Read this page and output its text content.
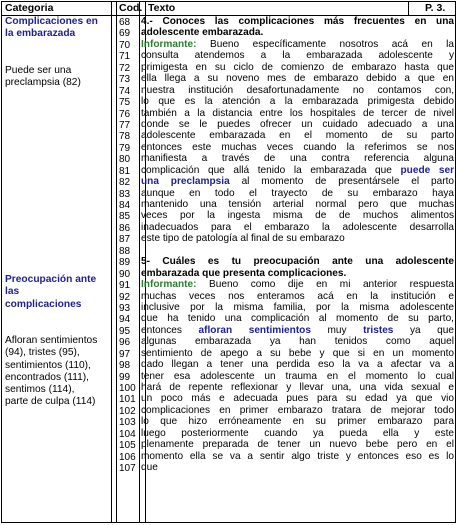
Categoria	Cod. Texto	P. 3.
Complicaciones en
la embarazada
Puede ser una
preclampsia (82)
Preocupación ante
las
complicaciones
Afloran sentimientos
(94), tristes (95),
sentimientos (110),
encontrados (111),
sentimos (114),
parte de culpa (114)
68
69
70
71
72
73
74
75
76
77
78
79
80
81
82
83
84
85
86
87
88
89
90
91
92
93
94
95
96
97
98
99
100
101
102
103
104
105
106
107
4.- Conoces las complicaciones más frecuentes en una
adolescente embarazada.
Informante: Bueno específicamente nosotros acá en la
consulta atendemos a la embarazada adolescente y
primigesta en su ciclo de comienzo de embarazo hasta que
ella llega a su noveno mes de embarazo debido a que en
nuestra institución desafortunadamente no contamos con,
lo que es la atención a la embarazada primigesta debido
también a la distancia entre los hospitales de tercer de nivel
donde se le puedes ofrecer un cuidado adecuado a una
adolescente embarazada en el momento de su parto
entonces este muchas veces cuando la referimos se nos
manifiesta a través de una contra referencia alguna
complicación que allá tenido la embarazada que puede ser
una preclampsia al momento de presentársele el parto
aunque en todo el trayecto de su embarazo haya
mantenido una tensión arterial normal pero que muchas
veces por la ingesta misma de de muchos alimentos
inadecuados para el embarazo la adolescente desarrolla
este tipo de patología al final de su embarazo
5- Cuáles es tu preocupación ante una adolescente
embarazada que presenta complicaciones.
Informante: Bueno como dije en mi anterior respuesta
muchas veces nos enteramos acá en la institución e
inclusive por la misma familia, por la misma adolescente
que ha tenido una complicación al momento de su parto,
entonces afloran sentimientos muy tristes ya que
algunas embarazada ya han tenidos como aquel
sentimiento de apego a su bebe y que si en un momento
dado llegan a tener una perdida eso la va a afectar va a
tener esa adolescente un trauma en el momento lo cual
hará de repente reflexionar y llevar una, una vida sexual e
un poco más e adecuada pues para su edad ya que vio
complicaciones en primer embarazo tratara de mejorar todo
lo que hizo erróneamente en su primer embarazo para
luego posteriormente cuando ya pueda ella y este
plenamente preparada de tener un nuevo bebe pero en el
momento ella se va a sentir algo triste y entonces eso es lo
que
